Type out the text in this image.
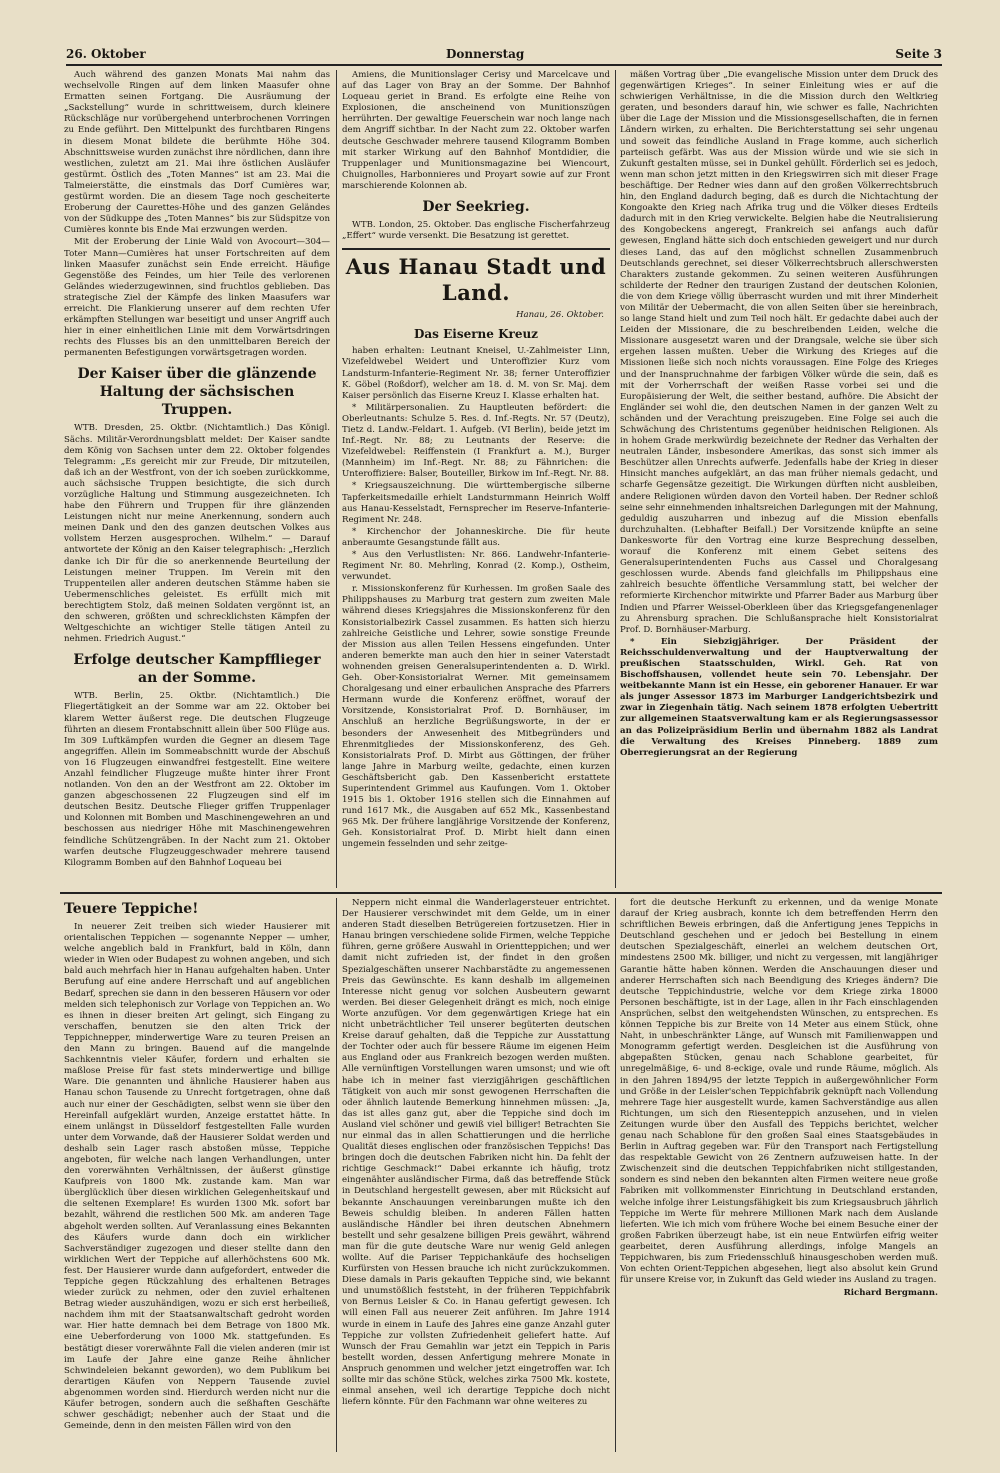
26. Oktober	Donnerstag	Seite 3

Auch während des ganzen Monats Mai nahm das wechselvolle Ringen auf dem linken Maasufer ohne Ermatten seinen Fortgang. Die Ausräumung der „Sackstellung“ wurde in schrittweisem, durch kleinere Rückschläge nur vorübergehend unterbrochenen Vorringen zu Ende geführt. Den Mittelpunkt des furchtbaren Ringens in diesem Monat bildete die berühmte Höhe 304. Abschnittsweise wurden zunächst ihre nördlichen, dann ihre westlichen, zuletzt am 21. Mai ihre östlichen Ausläufer gestürmt. Östlich des „Toten Mannes“ ist am 23. Mai die Talmeierstätte, die einstmals das Dorf Cumières war, gestürmt worden. Die an diesem Tage noch gescheiterte Eroberung der Caurettes-Höhe und des ganzen Geländes von der Südkuppe des „Toten Mannes“ bis zur Südspitze von Cumières konnte bis Ende Mai erzwungen werden.

Mit der Eroberung der Linie Wald von Avocourt—304—Toter Mann—Cumières hat unser Fortschreiten auf dem linken Maasufer zunächst sein Ende erreicht. Häufige Gegenstöße des Feindes, um hier Teile des verlorenen Geländes wiederzugewinnen, sind fruchtlos geblieben. Das strategische Ziel der Kämpfe des linken Maasufers war erreicht. Die Flankierung unserer auf dem rechten Ufer erkämpften Stellungen war beseitigt und unser Angriff auch hier in einer einheitlichen Linie mit dem Vorwärtsdringen rechts des Flusses bis an den unmittelbaren Bereich der permanenten Befestigungen vorwärtsgetragen worden.

Der Kaiser über die glänzende Haltung der sächsischen Truppen.

WTB. Dresden, 25. Oktbr. (Nichtamtlich.) Das Königl. Sächs. Militär-Verordnungsblatt meldet: Der Kaiser sandte dem König von Sachsen unter dem 22. Oktober folgendes Telegramm: „Es gereicht mir zur Freude, Dir mitzuteilen, daß ich an der Westfront, von der ich soeben zurückkomme, auch sächsische Truppen besichtigte, die sich durch vorzügliche Haltung und Stimmung ausgezeichneten. Ich habe den Führern und Truppen für ihre glänzenden Leistungen nicht nur meine Anerkennung, sondern auch meinen Dank und den des ganzen deutschen Volkes aus vollstem Herzen ausgesprochen. Wilhelm.“ — Darauf antwortete der König an den Kaiser telegraphisch: „Herzlich danke ich Dir für die so anerkennende Beurteilung der Leistungen meiner Truppen. Im Verein mit den Truppenteilen aller anderen deutschen Stämme haben sie Uebermenschliches geleistet. Es erfüllt mich mit berechtigtem Stolz, daß meinen Soldaten vergönnt ist, an den schweren, größten und schrecklichsten Kämpfen der Weltgeschichte an wichtiger Stelle tätigen Anteil zu nehmen. Friedrich August.“

Erfolge deutscher Kampfflieger an der Somme.

WTB. Berlin, 25. Oktbr. (Nichtamtlich.) Die Fliegertätigkeit an der Somme war am 22. Oktober bei klarem Wetter äußerst rege. Die deutschen Flugzeuge führten an diesem Frontabschnitt allein über 500 Flüge aus. Im 309 Luftkämpfen wurden die Gegner an diesem Tage angegriffen. Allein im Sommeabschnitt wurde der Abschuß von 16 Flugzeugen einwandfrei festgestellt. Eine weitere Anzahl feindlicher Flugzeuge mußte hinter ihrer Front notlanden. Von den an der Westfront am 22. Oktober im ganzen abgeschossenen 22 Flugzeugen sind elf im deutschen Besitz. Deutsche Flieger griffen Truppenlager und Kolonnen mit Bomben und Maschinengewehren an und beschossen aus niedriger Höhe mit Maschinengewehren feindliche Schützengräben. In der Nacht zum 21. Oktober warfen deutsche Flugzeuggeschwader mehrere tausend Kilogramm Bomben auf den Bahnhof Loqueau bei

Amiens, die Munitionslager Cerisy und Marcelcave und auf das Lager von Bray an der Somme. Der Bahnhof Loqueau geriet in Brand. Es erfolgte eine Reihe von Explosionen, die anscheinend von Munitionszügen herrührten. Der gewaltige Feuerschein war noch lange nach dem Angriff sichtbar. In der Nacht zum 22. Oktober warfen deutsche Geschwader mehrere tausend Kilogramm Bomben mit starker Wirkung auf den Bahnhof Montdidier, die Truppenlager und Munitionsmagazine bei Wiencourt, Chuignolles, Harbonnieres und Proyart sowie auf zur Front marschierende Kolonnen ab.

Der Seekrieg.

WTB. London, 25. Oktober. Das englische Fischerfahrzeug „Effert“ wurde versenkt. Die Besatzung ist gerettet.

Aus Hanau Stadt und Land.
Hanau, 26. Oktober.
Das Eiserne Kreuz

haben erhalten: Leutnant Kneisel, U.-Zahlmeister Linn, Vizefeldwebel Weidert und Unteroffizier Kurz vom Landsturm-Infanterie-Regiment Nr. 38; ferner Unteroffizier K. Göbel (Roßdorf), welcher am 18. d. M. von Sr. Maj. dem Kaiser persönlich das Eiserne Kreuz I. Klasse erhalten hat.

* Militärpersonalien. Zu Hauptleuten befördert: die Oberleutnants: Schulze 5. Res. d. Inf.-Regts. Nr. 57 (Deutz), Tietz d. Landw.-Feldart. 1. Aufgeb. (VI Berlin), beide jetzt im Inf.-Regt. Nr. 88; zu Leutnants der Reserve: die Vizefeldwebel: Reiffenstein (I Frankfurt a. M.), Burger (Mannheim) im Inf.-Regt. Nr. 88; zu Fähnrichen: die Unteroffiziere: Balser, Bouteiller, Birkow im Inf.-Regt. Nr. 88.

* Kriegsauszeichnung. Die württembergische silberne Tapferkeitsmedaille erhielt Landsturmmann Heinrich Wolff aus Hanau-Kesselstadt, Fernsprecher im Reserve-Infanterie-Regiment Nr. 248.

* Kirchenchor der Johanneskirche. Die für heute anberaumte Gesangstunde fällt aus.

* Aus den Verlustlisten: Nr. 866. Landwehr-Infanterie-Regiment Nr. 80. Mehrling, Konrad (2. Komp.), Ostheim, verwundet.

r. Missionskonferenz für Kurhessen. Im großen Saale des Philippshauses zu Marburg trat gestern zum zweiten Male während dieses Kriegsjahres die Missionskonferenz für den Konsistorialbezirk Cassel zusammen. Es hatten sich hierzu zahlreiche Geistliche und Lehrer, sowie sonstige Freunde der Mission aus allen Teilen Hessens eingefunden. Unter anderen bemerkte man auch den hier in seiner Vaterstadt wohnenden greisen Generalsuperintendenten a. D. Wirkl. Geh. Ober-Konsistorialrat Werner. Mit gemeinsamem Choralgesang und einer erbaulichen Ansprache des Pfarrers Hermann wurde die Konferenz eröffnet, worauf der Vorsitzende, Konsistorialrat Prof. D. Bornhäuser, im Anschluß an herzliche Begrüßungsworte, in der er besonders der Anwesenheit des Mitbegründers und Ehrenmitgliedes der Missionskonferenz, des Geh. Konsistorialrats Prof. D. Mirbt aus Göttingen, der früher lange Jahre in Marburg weilte, gedachte, einen kurzen Geschäftsbericht gab. Den Kassenbericht erstattete Superintendent Grimmel aus Kaufungen. Vom 1. Oktober 1915 bis 1. Oktober 1916 stellen sich die Einnahmen auf rund 1617 Mk., die Ausgaben auf 652 Mk., Kassenbestand 965 Mk. Der frühere langjährige Vorsitzende der Konferenz, Geh. Konsistorialrat Prof. D. Mirbt hielt dann einen ungemein fesselnden und sehr zeitge-

mäßen Vortrag über „Die evangelische Mission unter dem Druck des gegenwärtigen Krieges“. In seiner Einleitung wies er auf die schwierigen Verhältnisse, in die die Mission durch den Weltkrieg geraten, und besonders darauf hin, wie schwer es falle, Nachrichten über die Lage der Mission und die Missionsgesellschaften, die in fernen Ländern wirken, zu erhalten. Die Berichterstattung sei sehr ungenau und soweit das feindliche Ausland in Frage komme, auch sicherlich parteiisch gefärbt. Was aus der Mission würde und wie sie sich in Zukunft gestalten müsse, sei in Dunkel gehüllt. Förderlich sei es jedoch, wenn man schon jetzt mitten in den Kriegswirren sich mit dieser Frage beschäftige. Der Redner wies dann auf den großen Völkerrechtsbruch hin, den England dadurch beging, daß es durch die Nichtachtung der Kongoakte den Krieg nach Afrika trug und die Völker dieses Erdteils dadurch mit in den Krieg verwickelte. Belgien habe die Neutralisierung des Kongobeckens angeregt, Frankreich sei anfangs auch dafür gewesen, England hätte sich doch entschieden geweigert und nur durch dieses Land, das auf den möglichst schnellen Zusammenbruch Deutschlands gerechnet, sei dieser Völkerrechtsbruch allerschwersten Charakters zustande gekommen. Zu seinen weiteren Ausführungen schilderte der Redner den traurigen Zustand der deutschen Kolonien, die von dem Kriege völlig überrascht wurden und mit ihrer Minderheit von Militär der Uebermacht, die von allen Seiten über sie hereinbrach, so lange Stand hielt und zum Teil noch hält. Er gedachte dabei auch der Leiden der Missionare, die zu beschreibenden Leiden, welche die Missionare ausgesetzt waren und der Drangsale, welche sie über sich ergehen lassen mußten. Ueber die Wirkung des Krieges auf die Missionen ließe sich noch nichts voraussagen. Eine Folge des Krieges und der Inanspruchnahme der farbigen Völker würde die sein, daß es mit der Vorherrschaft der weißen Rasse vorbei sei und die Europäisierung der Welt, die seither bestand, aufhöre. Die Absicht der Engländer sei wohl die, den deutschen Namen in der ganzen Welt zu schänden und der Verachtung preiszugeben. Eine Folge sei auch die Schwächung des Christentums gegenüber heidnischen Religionen. Als in hohem Grade merkwürdig bezeichnete der Redner das Verhalten der neutralen Länder, insbesondere Amerikas, das sonst sich immer als Beschützer allen Unrechts aufwerfe. Jedenfalls habe der Krieg in dieser Hinsicht manches aufgeklärt, an das man früher niemals gedacht, und scharfe Gegensätze gezeitigt. Die Wirkungen dürften nicht ausbleiben, andere Religionen würden davon den Vorteil haben. Der Redner schloß seine sehr einnehmenden inhaltsreichen Darlegungen mit der Mahnung, geduldig auszuharren und inbezug auf die Mission ebenfalls durchzuhalten. (Lebhafter Beifall.) Der Vorsitzende knüpfte an seine Dankesworte für den Vortrag eine kurze Besprechung desselben, worauf die Konferenz mit einem Gebet seitens des Generalsuperintendenten Fuchs aus Cassel und Choralgesang geschlossen wurde. Abends fand gleichfalls im Philippshaus eine zahlreich besuchte öffentliche Versammlung statt, bei welcher der reformierte Kirchenchor mitwirkte und Pfarrer Bader aus Marburg über Indien und Pfarrer Weissel-Oberkleen über das Kriegsgefangenenlager zu Ahrensburg sprachen. Die Schlußansprache hielt Konsistorialrat Prof. D. Bornhäuser-Marburg.

* Ein Siebzigjähriger. Der Präsident der Reichsschuldenverwaltung und der Hauptverwaltung der preußischen Staatsschulden, Wirkl. Geh. Rat von Bischoffshausen, vollendet heute sein 70. Lebensjahr. Der weitbekannte Mann ist ein Hesse, ein geborener Hanauer. Er war als junger Assessor 1873 im Marburger Landgerichtsbezirk und zwar in Ziegenhain tätig. Nach seinem 1878 erfolgten Uebertritt zur allgemeinen Staatsverwaltung kam er als Regierungsassessor an das Polizeipräsidium Berlin und übernahm 1882 als Landrat die Verwaltung des Kreises Pinneberg. 1889 zum Oberregierungsrat an der Regierung

Teuere Teppiche!

In neuerer Zeit treiben sich wieder Hausierer mit orientalischen Teppichen — sogenannte Nepper — umher, welche angeblich bald in Frankfurt, bald in Köln, dann wieder in Wien oder Budapest zu wohnen angeben, und sich bald auch mehrfach hier in Hanau aufgehalten haben. Unter Berufung auf eine andere Herrschaft und auf angeblichen Bedarf, sprechen sie dann in den besseren Häusern vor oder melden sich telephonisch zur Vorlage von Teppichen an. Wo es ihnen in dieser breiten Art gelingt, sich Eingang zu verschaffen, benutzen sie den alten Trick der Teppichnepper, minderwertige Ware zu teuren Preisen an den Mann zu bringen. Bauend auf die mangelnde Sachkenntnis vieler Käufer, fordern und erhalten sie maßlose Preise für fast stets minderwertige und billige Ware. Die genannten und ähnliche Hausierer haben aus Hanau schon Tausende zu Unrecht fortgetragen, ohne daß auch nur einer der Geschädigten, selbst wenn sie über den Hereinfall aufgeklärt wurden, Anzeige erstattet hätte. In einem unlängst in Düsseldorf festgestellten Falle wurden unter dem Vorwande, daß der Hausierer Soldat werden und deshalb sein Lager rasch abstoßen müsse, Teppiche angeboten, für welche nach langen Verhandlungen, unter den vorerwähnten Verhältnissen, der äußerst günstige Kaufpreis von 1800 Mk. zustande kam. Man war überglücklich über diesen wirklichen Gelegenheitskauf und die seltenen Exemplare! Es wurden 1300 Mk. sofort bar bezahlt, während die restlichen 500 Mk. am anderen Tage abgeholt werden sollten. Auf Veranlassung eines Bekannten des Käufers wurde dann doch ein wirklicher Sachverständiger zugezogen und dieser stellte dann den wirklichen Wert der Teppiche auf allerhöchstens 600 Mk. fest. Der Hausierer wurde dann aufgefordert, entweder die Teppiche gegen Rückzahlung des erhaltenen Betrages wieder zurück zu nehmen, oder den zuviel erhaltenen Betrag wieder auszuhändigen, wozu er sich erst herbeiließ, nachdem ihm mit der Staatsanwaltschaft gedroht worden war. Hier hatte demnach bei dem Betrage von 1800 Mk. eine Ueberforderung von 1000 Mk. stattgefunden. Es bestätigt dieser vorerwähnte Fall die vielen anderen (mir ist im Laufe der Jahre eine ganze Reihe ähnlicher Schwindeleien bekannt geworden), wo dem Publikum bei derartigen Käufen von Neppern Tausende zuviel abgenommen worden sind. Hierdurch werden nicht nur die Käufer betrogen, sondern auch die seßhaften Geschäfte schwer geschädigt; nebenher auch der Staat und die Gemeinde, denn in den meisten Fällen wird von den

Neppern nicht einmal die Wanderlagersteuer entrichtet. Der Hausierer verschwindet mit dem Gelde, um in einer anderen Stadt dieselben Betrügereien fortzusetzen. Hier in Hanau bringen verschiedene solide Firmen, welche Teppiche führen, gerne größere Auswahl in Orientteppichen; und wer damit nicht zufrieden ist, der findet in den großen Spezialgeschäften unserer Nachbarstädte zu angemessenen Preis das Gewünschte. Es kann deshalb im allgemeinen Interesse nicht genug vor solchen Ausbeutern gewarnt werden. Bei dieser Gelegenheit drängt es mich, noch einige Worte anzufügen. Vor dem gegenwärtigen Kriege hat ein nicht unbeträchtlicher Teil unserer begüterten deutschen Kreise darauf gehalten, daß die Teppiche zur Ausstattung der Tochter oder auch für bessere Räume im eigenen Heim aus England oder aus Frankreich bezogen werden mußten. Alle vernünftigen Vorstellungen waren umsonst; und wie oft habe ich in meiner fast vierzigjährigen geschäftlichen Tätigkeit von auch mir sonst gewogenen Herrschaften die oder ähnlich lautende Bemerkung hinnehmen müssen: „Ja, das ist alles ganz gut, aber die Teppiche sind doch im Ausland viel schöner und gewiß viel billiger! Betrachten Sie nur einmal das in allen Schattierungen und die herrliche Qualität dieses englischen oder französischen Teppichs! Das bringen doch die deutschen Fabriken nicht hin. Da fehlt der richtige Geschmack!“ Dabei erkannte ich häufig, trotz eingenähter ausländischer Firma, daß das betreffende Stück in Deutschland hergestellt gewesen, aber mit Rücksicht auf bekannte Anschauungen vereinbarungen mußte ich den Beweis schuldig bleiben. In anderen Fällen hatten ausländische Händler bei ihren deutschen Abnehmern bestellt und sehr gesalzene billigen Preis gewährt, während man für die gute deutsche Ware nur wenig Geld anlegen wollte. Auf die Pariser Teppichankäufe des hochseligen Kurfürsten von Hessen brauche ich nicht zurückzukommen. Diese damals in Paris gekauften Teppiche sind, wie bekannt und unumstößlich feststeht, in der früheren Teppichfabrik von Bernus Leisler & Co. in Hanau gefertigt gewesen. Ich will einen Fall aus neuerer Zeit anführen. Im Jahre 1914 wurde in einem in Laufe des Jahres eine ganze Anzahl guter Teppiche zur vollsten Zufriedenheit geliefert hatte. Auf Wunsch der Frau Gemahlin war jetzt ein Teppich in Paris bestellt worden, dessen Anfertigung mehrere Monate in Anspruch genommen und welcher jetzt eingetroffen war. Ich sollte mir das schöne Stück, welches zirka 7500 Mk. kostete, einmal ansehen, weil ich derartige Teppiche doch nicht liefern könnte. Für den Fachmann war ohne weiteres zu

fort die deutsche Herkunft zu erkennen, und da wenige Monate darauf der Krieg ausbrach, konnte ich dem betreffenden Herrn den schriftlichen Beweis erbringen, daß die Anfertigung jenes Teppichs in Deutschland geschehen und er jedoch bei Bestellung in einem deutschen Spezialgeschäft, einerlei an welchem deutschen Ort, mindestens 2500 Mk. billiger, und nicht zu vergessen, mit langjähriger Garantie hätte haben können. Werden die Anschauungen dieser und anderer Herrschaften sich nach Beendigung des Krieges ändern? Die deutsche Teppichindustrie, welche vor dem Kriege zirka 18000 Personen beschäftigte, ist in der Lage, allen in ihr Fach einschlagenden Ansprüchen, selbst den weitgehendsten Wünschen, zu entsprechen. Es können Teppiche bis zur Breite von 14 Meter aus einem Stück, ohne Naht, in unbeschränkter Länge, auf Wunsch mit Familienwappen und Monogramm gefertigt werden. Desgleichen ist die Ausführung von abgepaßten Stücken, genau nach Schablone gearbeitet, für unregelmäßige, 6- und 8-eckige, ovale und runde Räume, möglich. Als in den Jahren 1894/95 der letzte Teppich in außergewöhnlicher Form und Größe in der Leisler'schen Teppichfabrik geknüpft nach Vollendung mehrere Tage hier ausgestellt wurde, kamen Sachverständige aus allen Richtungen, um sich den Riesenteppich anzusehen, und in vielen Zeitungen wurde über den Ausfall des Teppichs berichtet, welcher genau nach Schablone für den großen Saal eines Staatsgebäudes in Berlin in Auftrag gegeben war. Für den Transport nach Fertigstellung das respektable Gewicht von 26 Zentnern aufzuweisen hatte. In der Zwischenzeit sind die deutschen Teppichfabriken nicht stillgestanden, sondern es sind neben den bekannten alten Firmen weitere neue große Fabriken mit vollkommenster Einrichtung in Deutschland erstanden, welche infolge ihrer Leistungsfähigkeit bis zum Kriegsausbruch jährlich Teppiche im Werte für mehrere Millionen Mark nach dem Auslande lieferten. Wie ich mich vom frühere Woche bei einem Besuche einer der großen Fabriken überzeugt habe, ist ein neue Entwürfen eifrig weiter gearbeitet, deren Ausführung allerdings, infolge Mangels an Teppichwaren, bis zum Friedensschluß hinausgeschoben werden muß. Von echten Orient-Teppichen abgesehen, liegt also absolut kein Grund für unsere Kreise vor, in Zukunft das Geld wieder ins Ausland zu tragen.

Richard Bergmann.
